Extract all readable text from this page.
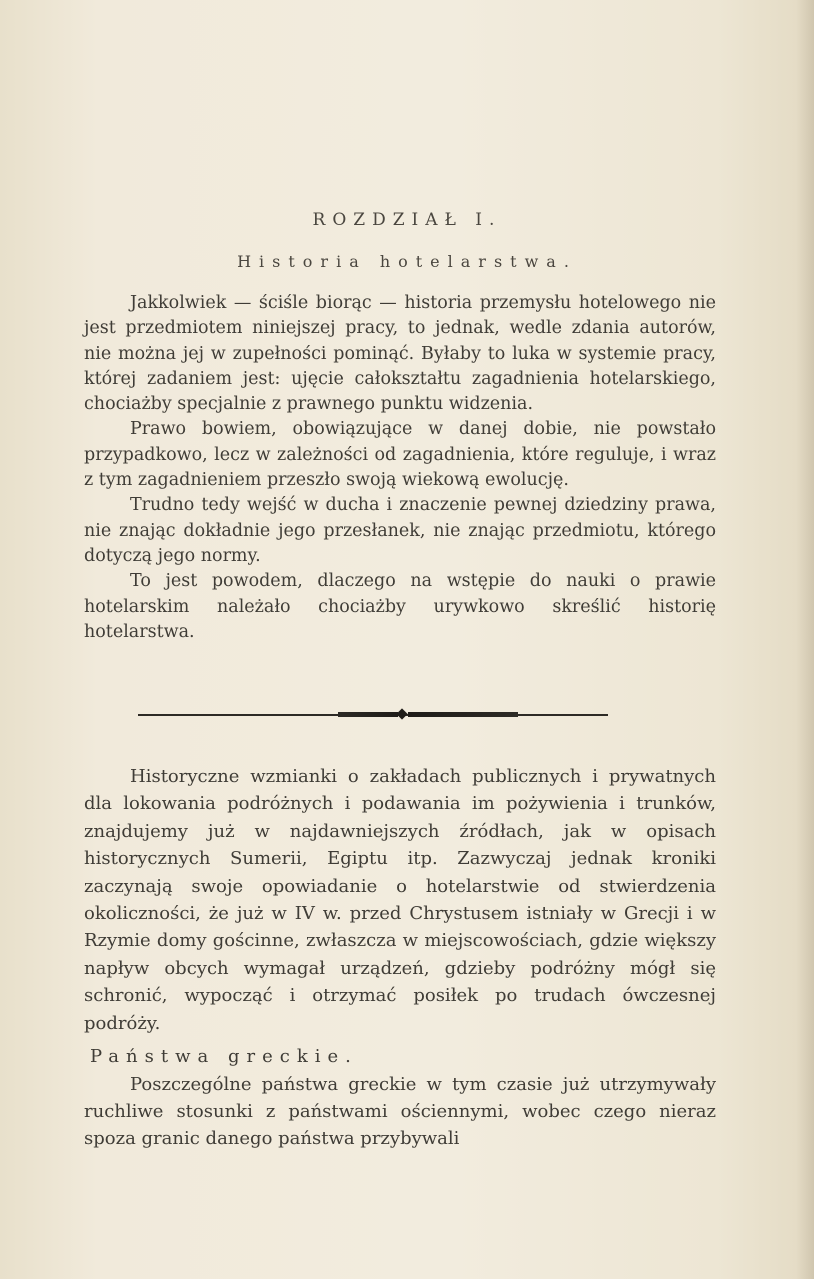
ROZDZIAŁ I.
Historia hotelarstwa.

Jakkolwiek — ściśle biorąc — historia przemysłu hotelowego nie jest przedmiotem niniejszej pracy, to jednak, wedle zdania autorów, nie można jej w zupełności pominąć. Byłaby to luka w systemie pracy, której zadaniem jest: ujęcie całokształtu zagadnienia hotelarskiego, chociażby specjalnie z prawnego punktu widzenia.

Prawo bowiem, obowiązujące w danej dobie, nie powstało przypadkowo, lecz w zależności od zagadnienia, które reguluje, i wraz z tym zagadnieniem przeszło swoją wiekową ewolucję.

Trudno tedy wejść w ducha i znaczenie pewnej dziedziny prawa, nie znając dokładnie jego przesłanek, nie znając przedmiotu, którego dotyczą jego normy.

To jest powodem, dlaczego na wstępie do nauki o prawie hotelarskim należało chociażby urywkowo skreślić historię hotelarstwa.

Historyczne wzmianki o zakładach publicznych i prywatnych dla lokowania podróżnych i podawania im pożywienia i trunków, znajdujemy już w najdawniejszych źródłach, jak w opisach historycznych Sumerii, Egiptu itp. Zazwyczaj jednak kroniki zaczynają swoje opowiadanie o hotelarstwie od stwierdzenia okoliczności, że już w IV w. przed Chrystusem istniały w Grecji i w Rzymie domy gościnne, zwłaszcza w miejscowościach, gdzie większy napływ obcych wymagał urządzeń, gdzieby podróżny mógł się schronić, wypocząć i otrzymać posiłek po trudach ówczesnej podróży.

Państwa greckie.

Poszczególne państwa greckie w tym czasie już utrzymywały ruchliwe stosunki z państwami ościennymi, wobec czego nieraz spoza granic danego państwa przybywali
